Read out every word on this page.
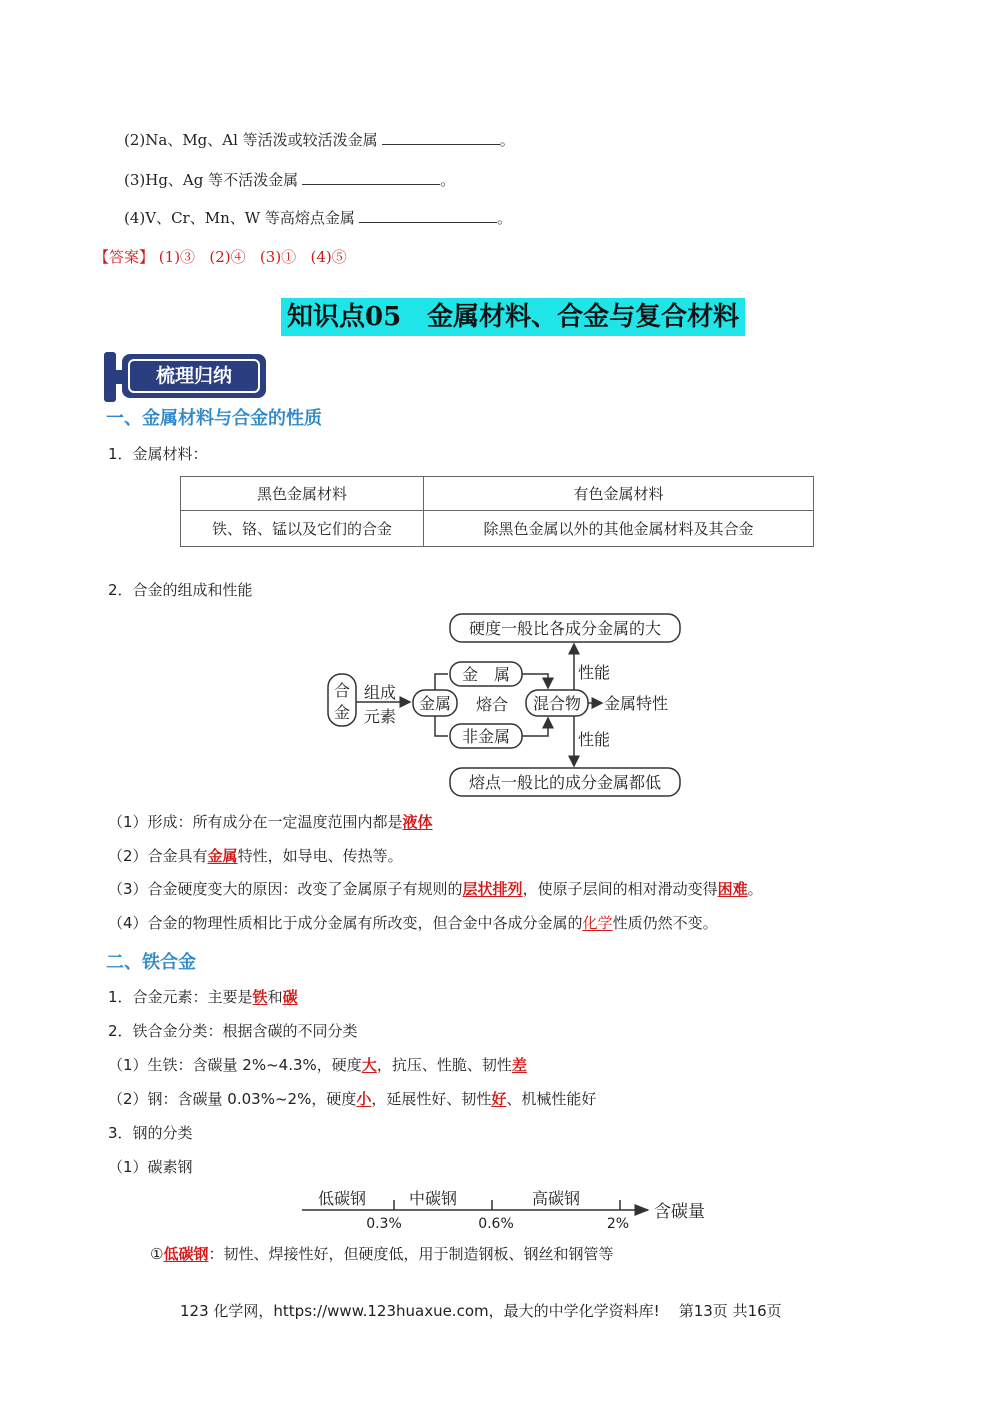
(2)Na、Mg、Al 等活泼或较活泼金属	。
(3)Hg、Ag 等不活泼金属	。
(4)V、Cr、Mn、W 等高熔点金属	。
【答案】 (1)③ (2)④ (3)① (4)⑤
知识点05　金属材料、合金与复合材料
梳理归纳
一、金属材料与合金的性质
1．金属材料：
黑色金属材料	有色金属材料
铁、铬、锰以及它们的合金	除黑色金属以外的其他金属材料及其合金
2．合金的组成和性能
合
金
组成
元素
金属
金　属
非金属
熔合 混合物
性能
性能
金属特性
硬度一般比各成分金属的大
熔点一般比的成分金属都低
（1）形成：所有成分在一定温度范围内都是液体
（2）合金具有金属特性，如导电、传热等。
（3）合金硬度变大的原因：改变了金属原子有规则的层状排列，使原子层间的相对滑动变得困难。
（4）合金的物理性质相比于成分金属有所改变，但合金中各成分金属的化学性质仍然不变。
二、铁合金
1．合金元素：主要是铁和碳
2．铁合金分类：根据含碳的不同分类
（1）生铁：含碳量 2%~4.3%，硬度大，抗压、性脆、韧性差
（2）钢：含碳量 0.03%~2%，硬度小，延展性好、韧性好、机械性能好
3．钢的分类
（1）碳素钢
低碳钢	中碳钢	高碳钢
0.3%	0.6%	2%
含碳量
①低碳钢：韧性、焊接性好，但硬度低，用于制造钢板、钢丝和钢管等
123 化学网，https://www.123huaxue.com，最大的中学化学资料库! 第13页 共16页
